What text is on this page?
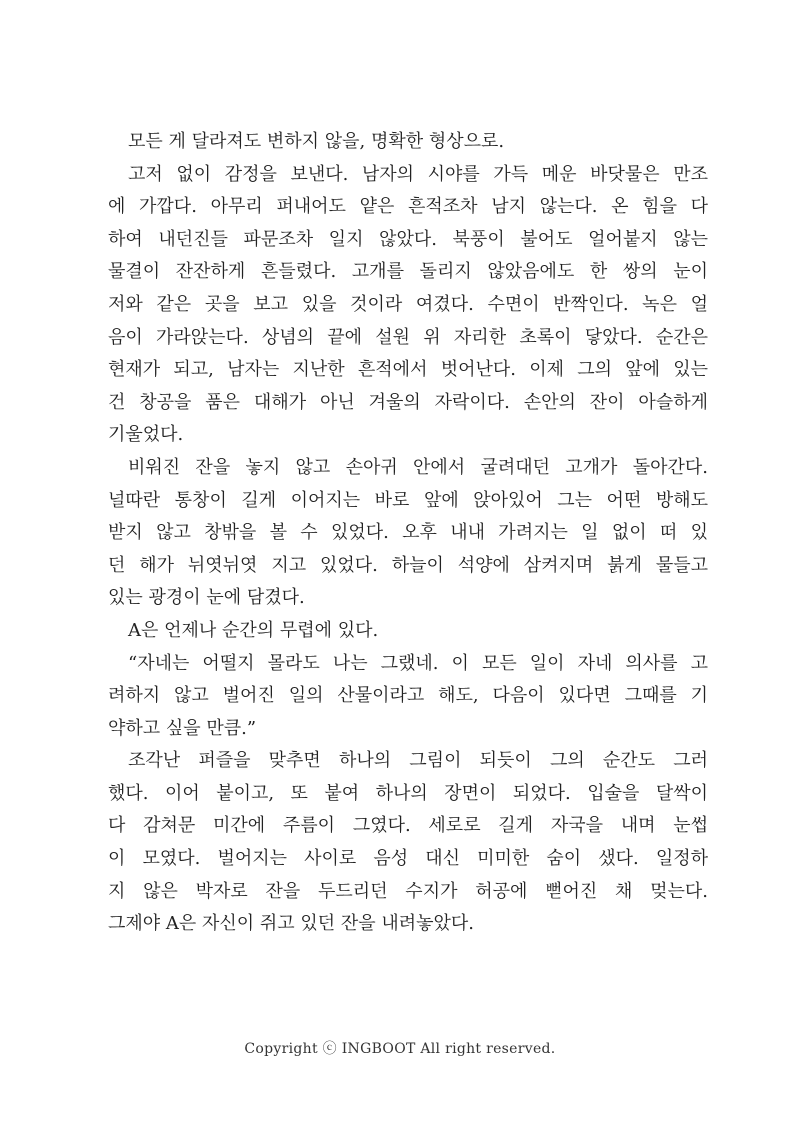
모든 게 달라져도 변하지 않을, 명확한 형상으로.
고저 없이 감정을 보낸다. 남자의 시야를 가득 메운 바닷물은 만조
에 가깝다. 아무리 퍼내어도 얕은 흔적조차 남지 않는다. 온 힘을 다
하여 내던진들 파문조차 일지 않았다. 북풍이 불어도 얼어붙지 않는
물결이 잔잔하게 흔들렸다. 고개를 돌리지 않았음에도 한 쌍의 눈이
저와 같은 곳을 보고 있을 것이라 여겼다. 수면이 반짝인다. 녹은 얼
음이 가라앉는다. 상념의 끝에 설원 위 자리한 초록이 닿았다. 순간은
현재가 되고, 남자는 지난한 흔적에서 벗어난다. 이제 그의 앞에 있는
건 창공을 품은 대해가 아닌 겨울의 자락이다. 손안의 잔이 아슬하게
기울었다.
비워진 잔을 놓지 않고 손아귀 안에서 굴려대던 고개가 돌아간다.
널따란 통창이 길게 이어지는 바로 앞에 앉아있어 그는 어떤 방해도
받지 않고 창밖을 볼 수 있었다. 오후 내내 가려지는 일 없이 떠 있
던 해가 뉘엿뉘엿 지고 있었다. 하늘이 석양에 삼켜지며 붉게 물들고
있는 광경이 눈에 담겼다.
A은 언제나 순간의 무렵에 있다.
“자네는 어떨지 몰라도 나는 그랬네. 이 모든 일이 자네 의사를 고
려하지 않고 벌어진 일의 산물이라고 해도, 다음이 있다면 그때를 기
약하고 싶을 만큼.”
조각난 퍼즐을 맞추면 하나의 그림이 되듯이 그의 순간도 그러
했다. 이어 붙이고, 또 붙여 하나의 장면이 되었다. 입술을 달싹이
다 감쳐문 미간에 주름이 그였다. 세로로 길게 자국을 내며 눈썹
이 모였다. 벌어지는 사이로 음성 대신 미미한 숨이 샜다. 일정하
지 않은 박자로 잔을 두드리던 수지가 허공에 뻗어진 채 멎는다.
그제야 A은 자신이 쥐고 있던 잔을 내려놓았다.
Copyright ⓒ INGBOOT All right reserved.
